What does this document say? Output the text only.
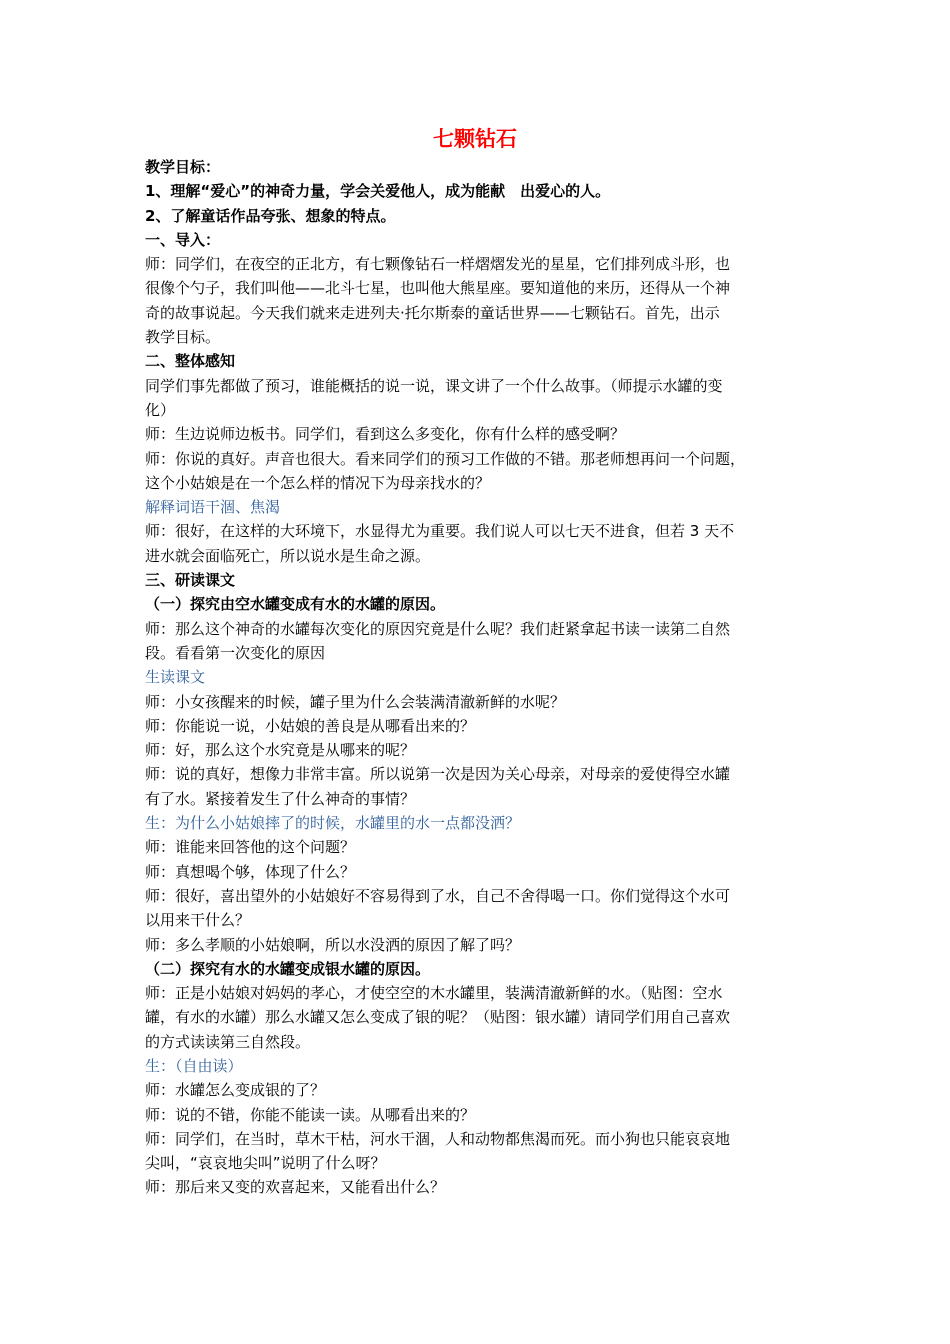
七颗钻石
教学目标：
1、理解“爱心”的神奇力量，学会关爱他人，成为能献　出爱心的人。
2、了解童话作品夸张、想象的特点。
一、导入：
师：同学们，在夜空的正北方，有七颗像钻石一样熠熠发光的星星，它们排列成斗形，也
很像个勺子，我们叫他——北斗七星，也叫他大熊星座。要知道他的来历，还得从一个神
奇的故事说起。今天我们就来走进列夫·托尔斯泰的童话世界——七颗钻石。首先，出示
教学目标。
二、整体感知
同学们事先都做了预习，谁能概括的说一说，课文讲了一个什么故事。（师提示水罐的变
化）
师：生边说师边板书。同学们，看到这么多变化，你有什么样的感受啊？
师：你说的真好。声音也很大。看来同学们的预习工作做的不错。那老师想再问一个问题，
这个小姑娘是在一个怎么样的情况下为母亲找水的？
解释词语干涸、焦渴
师：很好，在这样的大环境下，水显得尤为重要。我们说人可以七天不进食，但若 3 天不
进水就会面临死亡，所以说水是生命之源。
三、研读课文
（一）探究由空水罐变成有水的水罐的原因。
师：那么这个神奇的水罐每次变化的原因究竟是什么呢？我们赶紧拿起书读一读第二自然
段。看看第一次变化的原因
生读课文
师：小女孩醒来的时候，罐子里为什么会装满清澈新鲜的水呢？
师：你能说一说，小姑娘的善良是从哪看出来的？
师：好，那么这个水究竟是从哪来的呢？
师：说的真好，想像力非常丰富。所以说第一次是因为关心母亲，对母亲的爱使得空水罐
有了水。紧接着发生了什么神奇的事情？
生：为什么小姑娘摔了的时候，水罐里的水一点都没洒？
师：谁能来回答他的这个问题？
师：真想喝个够，体现了什么？
师：很好，喜出望外的小姑娘好不容易得到了水，自己不舍得喝一口。你们觉得这个水可
以用来干什么？
师：多么孝顺的小姑娘啊，所以水没洒的原因了解了吗？
（二）探究有水的水罐变成银水罐的原因。
师：正是小姑娘对妈妈的孝心，才使空空的木水罐里，装满清澈新鲜的水。（贴图：空水
罐，有水的水罐）那么水罐又怎么变成了银的呢？（贴图：银水罐）请同学们用自己喜欢
的方式读读第三自然段。
生：（自由读）
师：水罐怎么变成银的了？
师：说的不错，你能不能读一读。从哪看出来的？
师：同学们，在当时，草木干枯，河水干涸，人和动物都焦渴而死。而小狗也只能哀哀地
尖叫，“哀哀地尖叫”说明了什么呀？
师：那后来又变的欢喜起来，又能看出什么？
